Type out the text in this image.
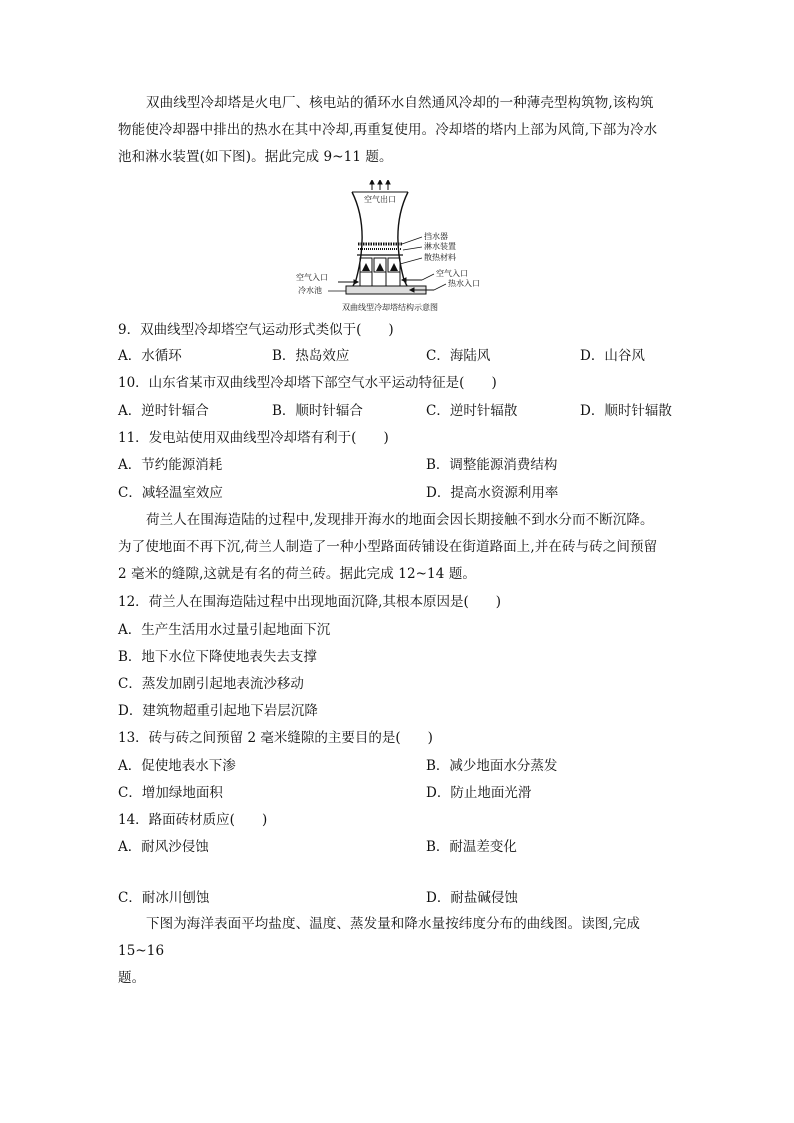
双曲线型冷却塔是火电厂、核电站的循环水自然通风冷却的一种薄壳型构筑物,该构筑
物能使冷却器中排出的热水在其中冷却,再重复使用。冷却塔的塔内上部为风筒,下部为冷水
池和淋水装置(如下图)。据此完成 9~11 题。
空气出口
挡水器
淋水装置
散热材料
空气入口
热水入口
空气入口
冷水池
双曲线型冷却塔结构示意图
9．双曲线型冷却塔空气运动形式类似于(　　)
A．水循环	B．热岛效应	C．海陆风	D．山谷风
10．山东省某市双曲线型冷却塔下部空气水平运动特征是(　　)
A．逆时针辐合	B．顺时针辐合	C．逆时针辐散	D．顺时针辐散
11．发电站使用双曲线型冷却塔有利于(　　)
A．节约能源消耗	B．调整能源消费结构
C．减轻温室效应	D．提高水资源利用率
荷兰人在围海造陆的过程中,发现排开海水的地面会因长期接触不到水分而不断沉降。
为了使地面不再下沉,荷兰人制造了一种小型路面砖铺设在街道路面上,并在砖与砖之间预留
2 毫米的缝隙,这就是有名的荷兰砖。据此完成 12~14 题。
12．荷兰人在围海造陆过程中出现地面沉降,其根本原因是(　　)
A．生产生活用水过量引起地面下沉
B．地下水位下降使地表失去支撑
C．蒸发加剧引起地表流沙移动
D．建筑物超重引起地下岩层沉降
13．砖与砖之间预留 2 毫米缝隙的主要目的是(　　)
A．促使地表水下渗	B．减少地面水分蒸发
C．增加绿地面积	D．防止地面光滑
14．路面砖材质应(　　)
A．耐风沙侵蚀	B．耐温差变化
C．耐冰川刨蚀	D．耐盐碱侵蚀
下图为海洋表面平均盐度、温度、蒸发量和降水量按纬度分布的曲线图。读图,完成 15~16
题。
